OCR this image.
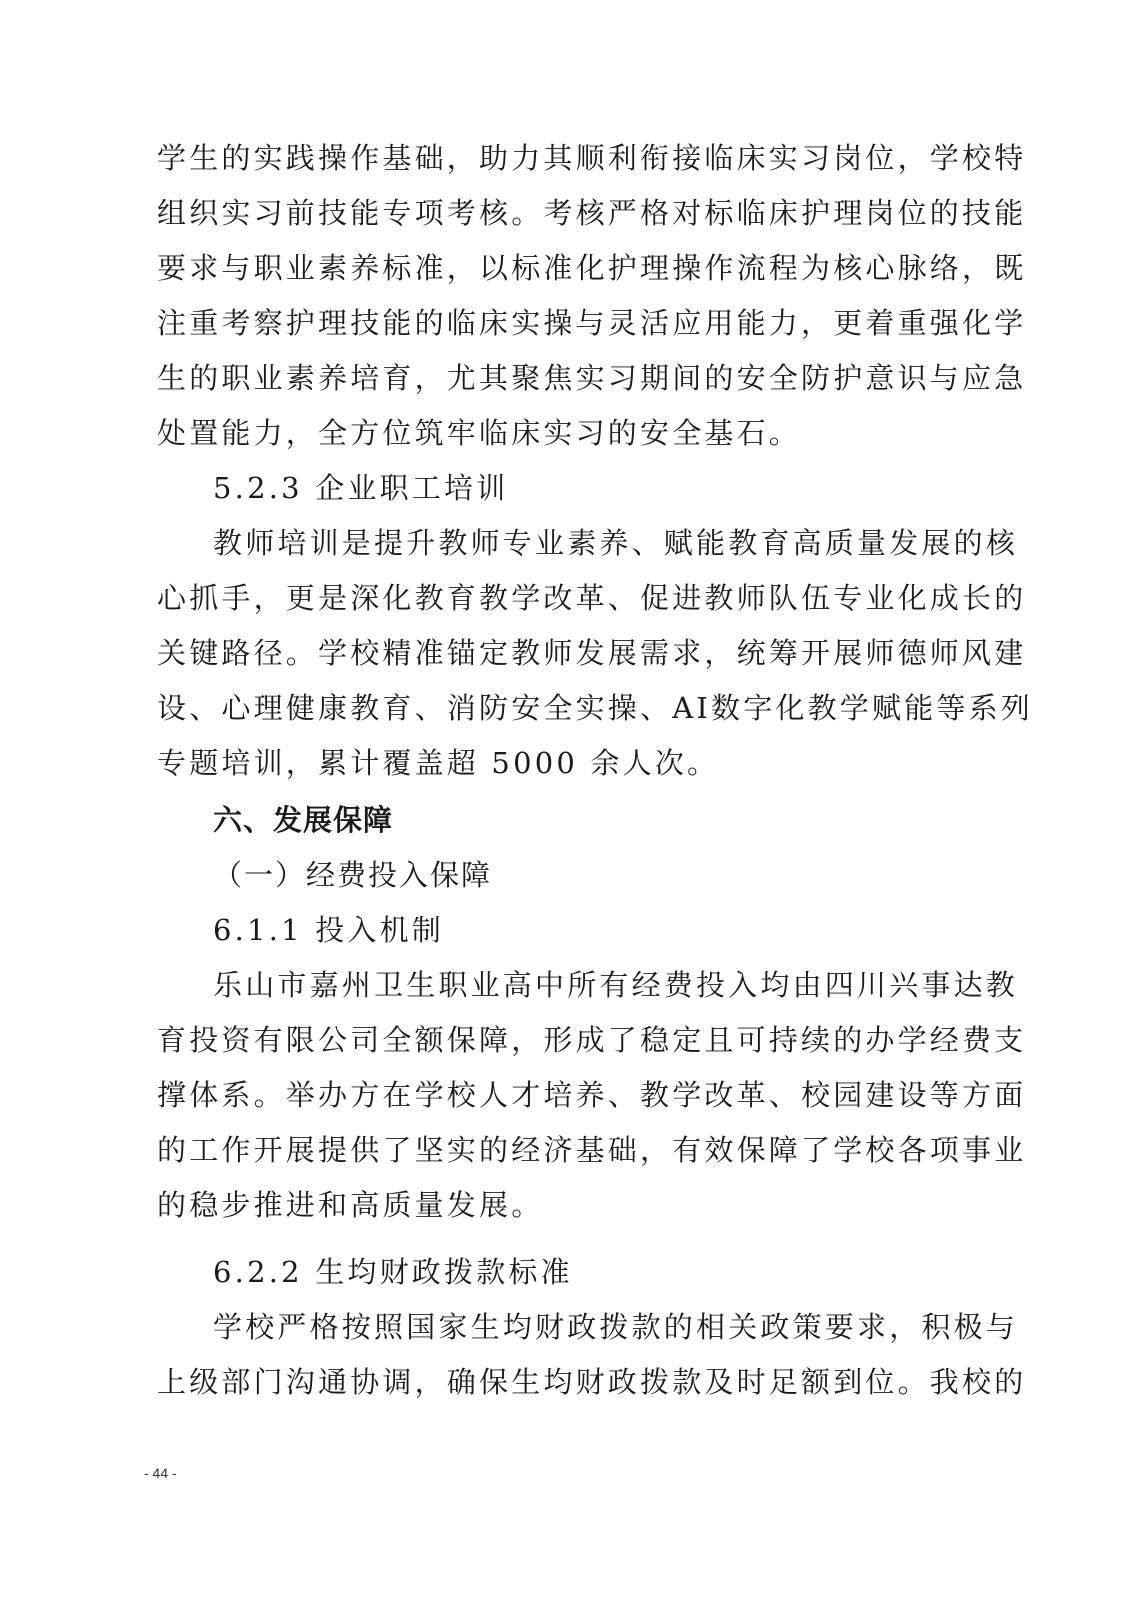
学生的实践操作基础，助力其顺利衔接临床实习岗位，学校特
组织实习前技能专项考核。考核严格对标临床护理岗位的技能
要求与职业素养标准，以标准化护理操作流程为核心脉络，既
注重考察护理技能的临床实操与灵活应用能力，更着重强化学
生的职业素养培育，尤其聚焦实习期间的安全防护意识与应急
处置能力，全方位筑牢临床实习的安全基石。
5.2.3 企业职工培训
教师培训是提升教师专业素养、赋能教育高质量发展的核
心抓手，更是深化教育教学改革、促进教师队伍专业化成长的
关键路径。学校精准锚定教师发展需求，统筹开展师德师风建
设、心理健康教育、消防安全实操、AI数字化教学赋能等系列
专题培训，累计覆盖超 5000 余人次。
六、发展保障
（一）经费投入保障
6.1.1 投入机制
乐山市嘉州卫生职业高中所有经费投入均由四川兴事达教
育投资有限公司全额保障，形成了稳定且可持续的办学经费支
撑体系。举办方在学校人才培养、教学改革、校园建设等方面
的工作开展提供了坚实的经济基础，有效保障了学校各项事业
的稳步推进和高质量发展。
6.2.2 生均财政拨款标准
学校严格按照国家生均财政拨款的相关政策要求，积极与
上级部门沟通协调，确保生均财政拨款及时足额到位。我校的
- 44 -
